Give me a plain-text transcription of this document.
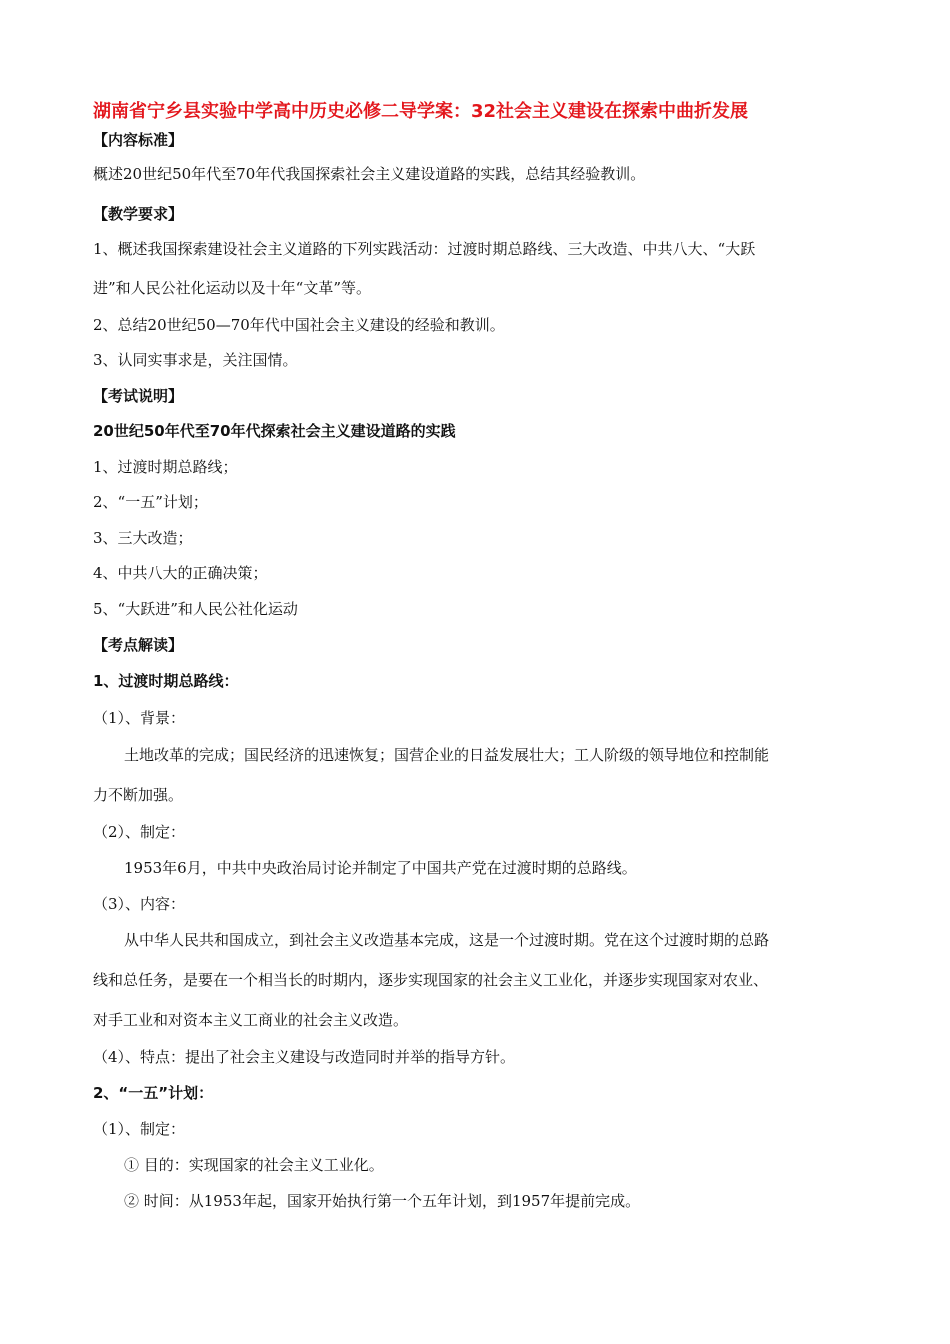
湖南省宁乡县实验中学高中历史必修二导学案：32社会主义建设在探索中曲折发展
【内容标准】
概述20世纪50年代至70年代我国探索社会主义建设道路的实践，总结其经验教训。
【教学要求】
1、概述我国探索建设社会主义道路的下列实践活动：过渡时期总路线、三大改造、中共八大、“大跃
进”和人民公社化运动以及十年“文革”等。
2、总结20世纪50—70年代中国社会主义建设的经验和教训。
3、认同实事求是，关注国情。
【考试说明】
20世纪50年代至70年代探索社会主义建设道路的实践
1、过渡时期总路线；
2、“一五”计划；
3、三大改造；
4、中共八大的正确决策；
5、“大跃进”和人民公社化运动
【考点解读】
1、过渡时期总路线：
（1）、背景：
土地改革的完成；国民经济的迅速恢复；国营企业的日益发展壮大；工人阶级的领导地位和控制能
力不断加强。
（2）、制定：
1953年6月，中共中央政治局讨论并制定了中国共产党在过渡时期的总路线。
（3）、内容：
从中华人民共和国成立，到社会主义改造基本完成，这是一个过渡时期。党在这个过渡时期的总路
线和总任务，是要在一个相当长的时期内，逐步实现国家的社会主义工业化，并逐步实现国家对农业、
对手工业和对资本主义工商业的社会主义改造。
（4）、特点：提出了社会主义建设与改造同时并举的指导方针。
2、“一五”计划：
（1）、制定：
① 目的：实现国家的社会主义工业化。
② 时间：从1953年起，国家开始执行第一个五年计划，到1957年提前完成。
